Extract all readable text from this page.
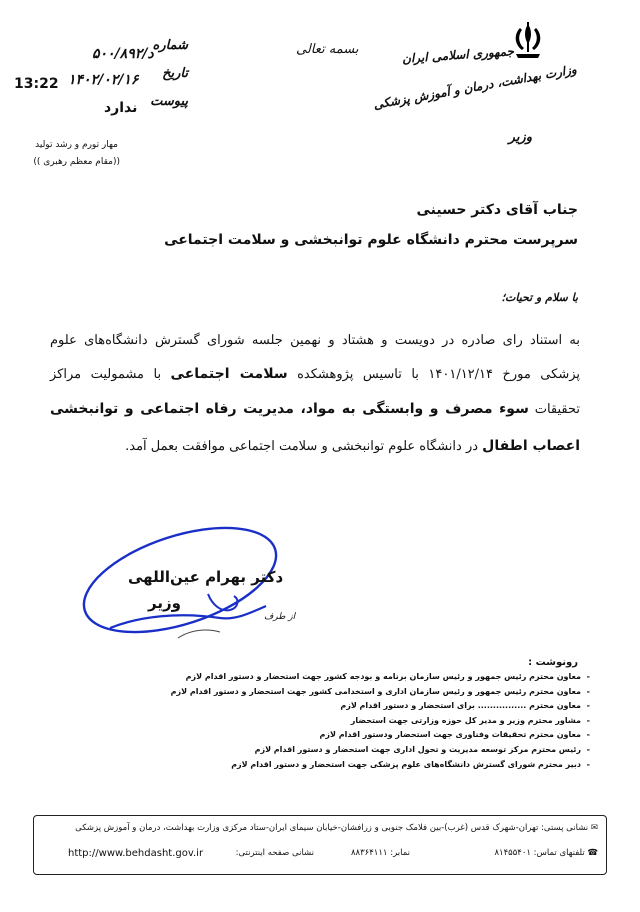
جمهوری اسلامی ایران
وزارت بهداشت، درمان و آموزش پزشکی
وزیر
بسمه تعالی
شماره
د/۵۰۰/۸۹۲
تاریخ
۱۴۰۲/۰۲/۱۶
پیوست
ندارد
13:22
مهار تورم و رشد تولید
((مقام معظم رهبری ))
جناب آقای دکتر حسینی
سرپرست محترم دانشگاه علوم توانبخشی و سلامت اجتماعی
با سلام و تحیات؛
به استناد رای صادره در دویست و هشتاد و نهمین جلسه شورای گسترش دانشگاه‌های علوم
پزشکی مورخ ۱۴۰۱/۱۲/۱۴ با تاسیس پژوهشکده سلامت اجتماعی با مشمولیت مراکز
تحقیقات سوء مصرف و وابستگی به مواد، مدیریت رفاه اجتماعی و توانبخشی
اعصاب اطفال در دانشگاه علوم توانبخشی و سلامت اجتماعی موافقت بعمل آمد.
دکتر بهرام عین‌اللهی
وزیر
از طرف
رونوشت :
-
معاون محترم رئیس جمهور و رئیس سازمان برنامه و بودجه کشور جهت استحضار و دستور اقدام لازم
-
معاون محترم رئیس جمهور و رئیس سازمان اداری و استخدامی کشور جهت استحضار و دستور اقدام لازم
-
معاون محترم ................ برای استحضار و دستور اقدام لازم
-
مشاور محترم وزیر و مدیر کل حوزه وزارتی جهت استحضار
-
معاون محترم تحقیقات وفناوری جهت استحضار ودستور اقدام لازم
-
رئیس محترم مرکز توسعه مدیریت و تحول اداری جهت استحضار و دستور اقدام لازم
-
دبیر محترم شورای گسترش دانشگاه‌های علوم پزشکی جهت استحضار و دستور اقدام لازم
✉ نشانی پستی: تهران-شهرک قدس (غرب)-بین فلامک جنوبی و زرافشان-خیابان سیمای ایران-ستاد مرکزی وزارت بهداشت، درمان و آموزش پزشکی
☎ تلفنهای تماس: ۸۱۴۵۵۴۰۱
نمابر: ۸۸۳۶۴۱۱۱
نشانی صفحه اینترنتی:
http://www.behdasht.gov.ir
